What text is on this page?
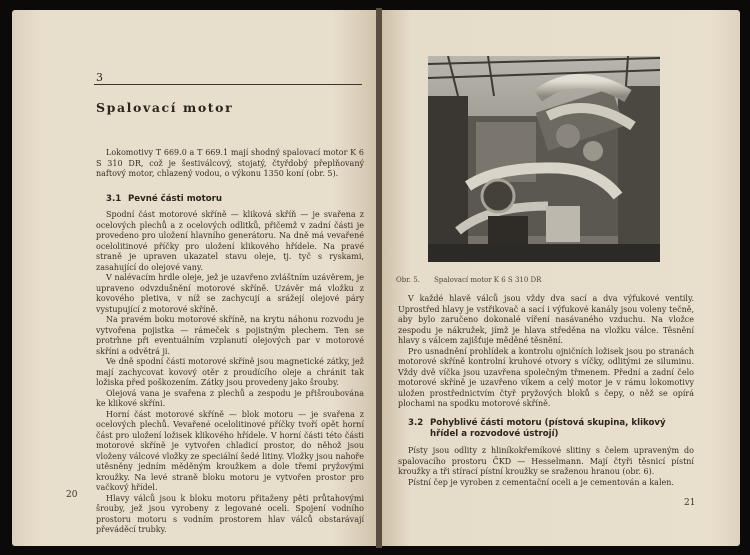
3
Spalovací motor

Lokomotivy T 669.0 a T 669.1 mají shodný spalovací motor K 6 S 310 DR, což je šestiválcový, stojatý, čtyřdobý přeplňovaný naftový motor, chlazený vodou, o výkonu 1350 koní (obr. 5).

3.1 Pevné části motoru

Spodní část motorové skříně — kliková skříň — je svařena z ocelových plechů a z ocelových odlitků, přičemž v zadní části je provedeno pro uložení hlavního generátoru. Na dně má vevařené ocelolitinové příčky pro uložení klikového hřídele. Na pravé straně je upraven ukazatel stavu oleje, tj. tyč s ryskami, zasahující do olejové vany.

V nalévacím hrdle oleje, jež je uzavřeno zvláštním uzávěrem, je upraveno odvzdušnění motorové skříně. Uzávěr má vložku z kovového pletiva, v níž se zachycují a srážejí olejové páry vystupující z motorové skříně.

Na pravém boku motorové skříně, na krytu náhonu rozvodu je vytvořena pojistka — rámeček s pojistným plechem. Ten se protrhne při eventuálním vzplanutí olejových par v motorové skříni a odvětrá ji.

Ve dně spodní části motorové skříně jsou magnetické zátky, jež mají zachycovat kovový otěr z proudícího oleje a chránit tak ložiska před poškozením. Zátky jsou provedeny jako šrouby.

Olejová vana je svařena z plechů a zespodu je přišroubována ke klikové skříni.

Horní část motorové skříně — blok motoru — je svařena z ocelových plechů. Vevařené ocelolitinové příčky tvoří opět horní část pro uložení ložisek klikového hřídele. V horní části této části motorové skříně je vytvořen chladicí prostor, do něhož jsou vloženy válcové vložky ze speciální šedé litiny. Vložky jsou nahoře utěsněny jedním měděným kroužkem a dole třemi pryžovými kroužky. Na levé straně bloku motoru je vytvořen prostor pro vačkový hřídel.

Hlavy válců jsou k bloku motoru přitaženy pěti průtahovými šrouby, jež jsou vyrobeny z legované oceli. Spojení vodního prostoru motoru s vodním prostorem hlav válců obstarávají převáděcí trubky.

20
Obr. 5. Spalovací motor K 6 S 310 DR

V každé hlavě válců jsou vždy dva sací a dva výfukové ventily. Uprostřed hlavy je vstřikovač a sací i výfukové kanály jsou voleny tečně, aby bylo zaručeno dokonalé víření nasávaného vzduchu. Na vložce zespodu je nákružek, jímž je hlava středěna na vložku válce. Těsnění hlavy s válcem zajišťuje měděné těsnění.

Pro usnadnění prohlídek a kontrolu ojničních ložisek jsou po stranách motorové skříně kontrolní kruhové otvory s víčky, odlitými ze siluminu. Vždy dvě víčka jsou uzavřena společným třmenem. Přední a zadní čelo motorové skříně je uzavřeno víkem a celý motor je v rámu lokomotivy uložen prostřednictvím čtyř pryžových bloků s čepy, o něž se opírá plochami na spodku motorové skříně.

3.2 Pohyblivé části motoru (pístová skupina, klikový
hřídel a rozvodové ústrojí)

Písty jsou odlity z hliníkokřemíkové slitiny s čelem upraveným do spalovacího prostoru ČKD — Hesselmann. Mají čtyři těsnicí pístní kroužky a tři stírací pístní kroužky se sraženou hranou (obr. 6).

Pístní čep je vyroben z cementační oceli a je cementován a kalen.

21
